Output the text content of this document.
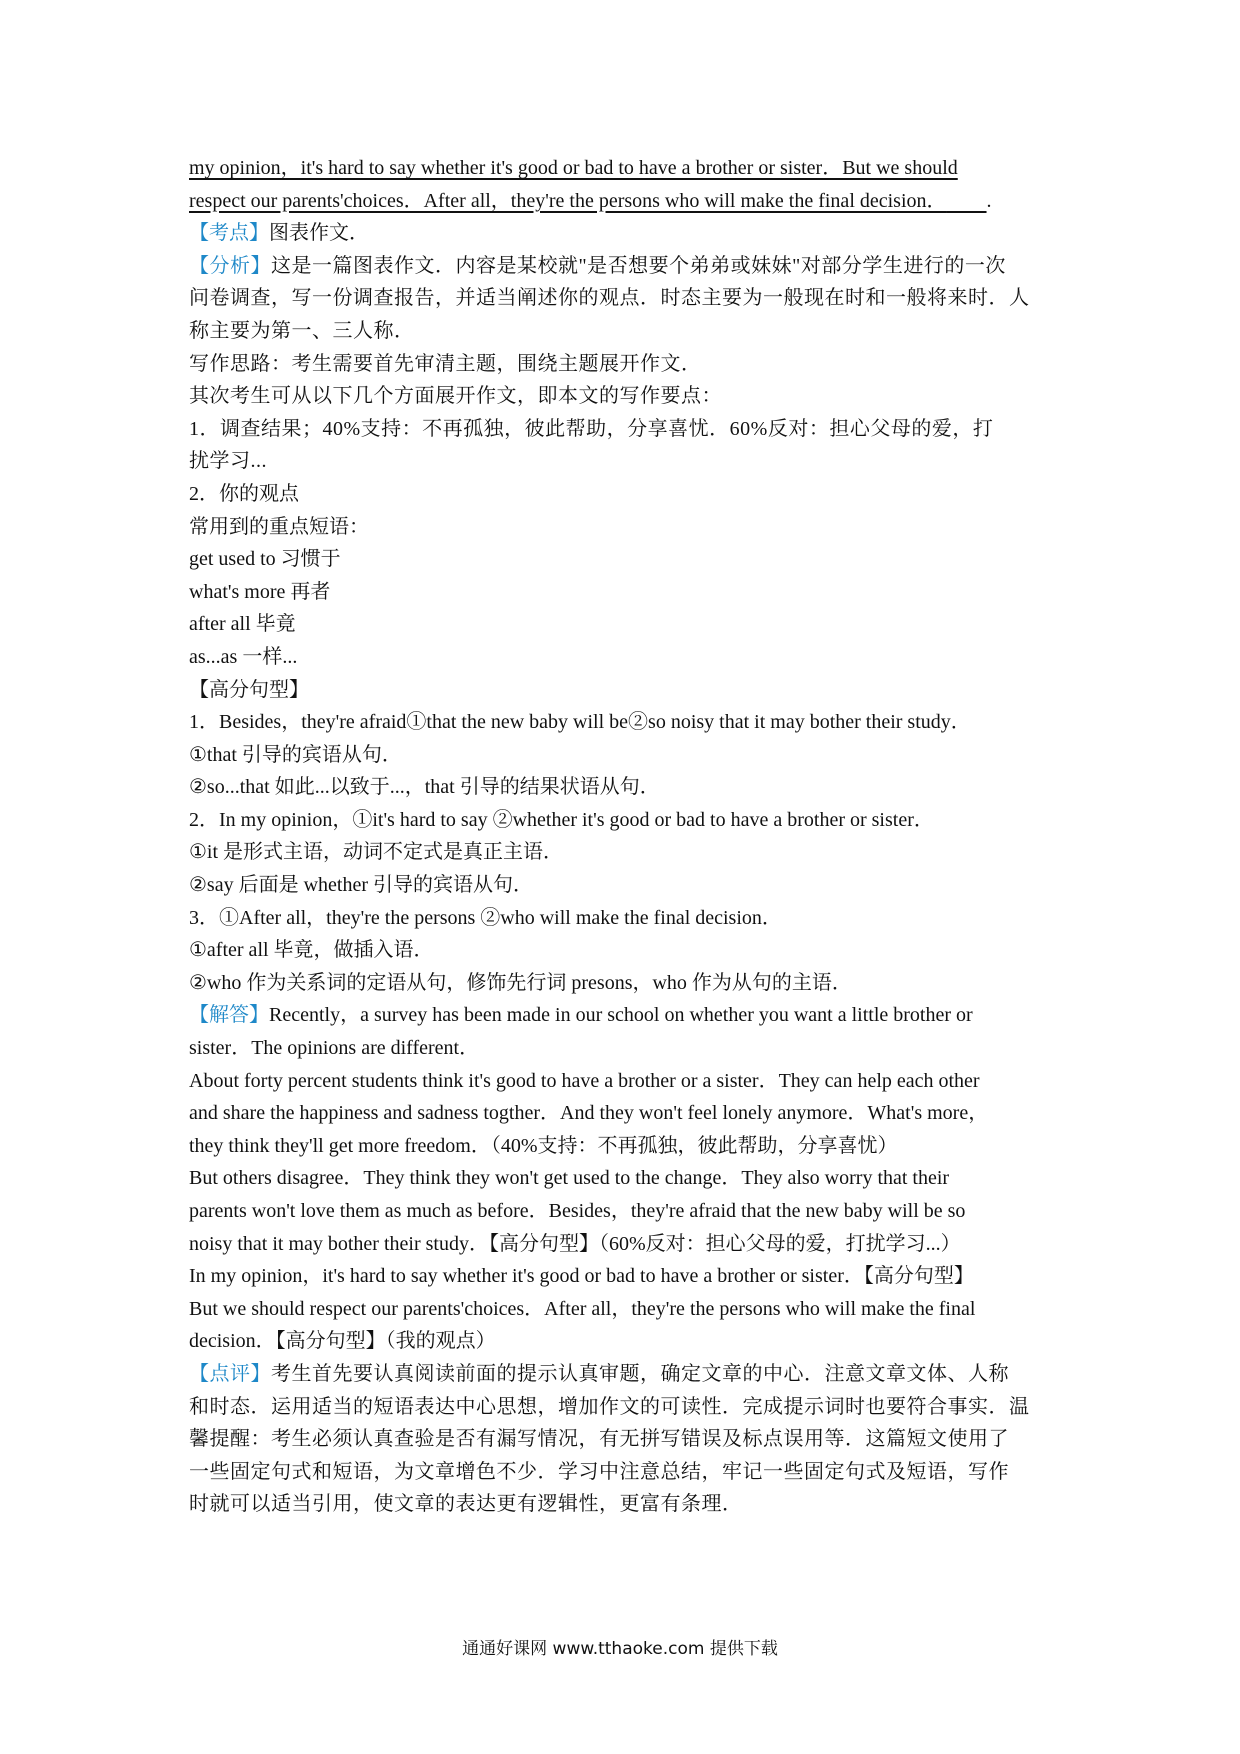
my opinion，it's hard to say whether it's good or bad to have a brother or sister．But we should
respect our parents'choices．After all，they're the persons who will make the final decision．   .
【考点】图表作文．
【分析】这是一篇图表作文．内容是某校就"是否想要个弟弟或妹妹"对部分学生进行的一次
问卷调查，写一份调查报告，并适当阐述你的观点．时态主要为一般现在时和一般将来时．人
称主要为第一、三人称．
写作思路：考生需要首先审清主题，围绕主题展开作文．
其次考生可从以下几个方面展开作文，即本文的写作要点：
1．调查结果；40%支持：不再孤独，彼此帮助，分享喜忧．60%反对：担心父母的爱，打
扰学习...
2．你的观点
常用到的重点短语：
get used to 习惯于
what's more 再者
after all 毕竟
as...as 一样...
【高分句型】
1．Besides，they're afraid①that the new baby will be②so noisy that it may bother their study．
①that 引导的宾语从句．
②so...that 如此...以致于...，that 引导的结果状语从句．
2．In my opinion，①it's hard to say ②whether it's good or bad to have a brother or sister．
①it 是形式主语，动词不定式是真正主语．
②say 后面是 whether 引导的宾语从句．
3．①After all，they're the persons ②who will make the final decision．
①after all 毕竟，做插入语．
②who 作为关系词的定语从句，修饰先行词 presons，who 作为从句的主语．
【解答】Recently，a survey has been made in our school on whether you want a little brother or
sister．The opinions are different．
About forty percent students think it's good to have a brother or a sister．They can help each other
and share the happiness and sadness togther．And they won't feel lonely anymore．What's more，
they think they'll get more freedom．（40%支持：不再孤独，彼此帮助，分享喜忧）
But others disagree．They think they won't get used to the change．They also worry that their
parents won't love them as much as before．Besides，they're afraid that the new baby will be so
noisy that it may bother their study．【高分句型】（60%反对：担心父母的爱，打扰学习...）
In my opinion，it's hard to say whether it's good or bad to have a brother or sister．【高分句型】
But we should respect our parents'choices．After all，they're the persons who will make the final
decision．【高分句型】（我的观点）
【点评】考生首先要认真阅读前面的提示认真审题，确定文章的中心．注意文章文体、人称
和时态．运用适当的短语表达中心思想，增加作文的可读性．完成提示词时也要符合事实．温
馨提醒：考生必须认真查验是否有漏写情况，有无拼写错误及标点误用等．这篇短文使用了
一些固定句式和短语，为文章增色不少．学习中注意总结，牢记一些固定句式及短语，写作
时就可以适当引用，使文章的表达更有逻辑性，更富有条理．
通通好课网 www.tthaoke.com 提供下载
